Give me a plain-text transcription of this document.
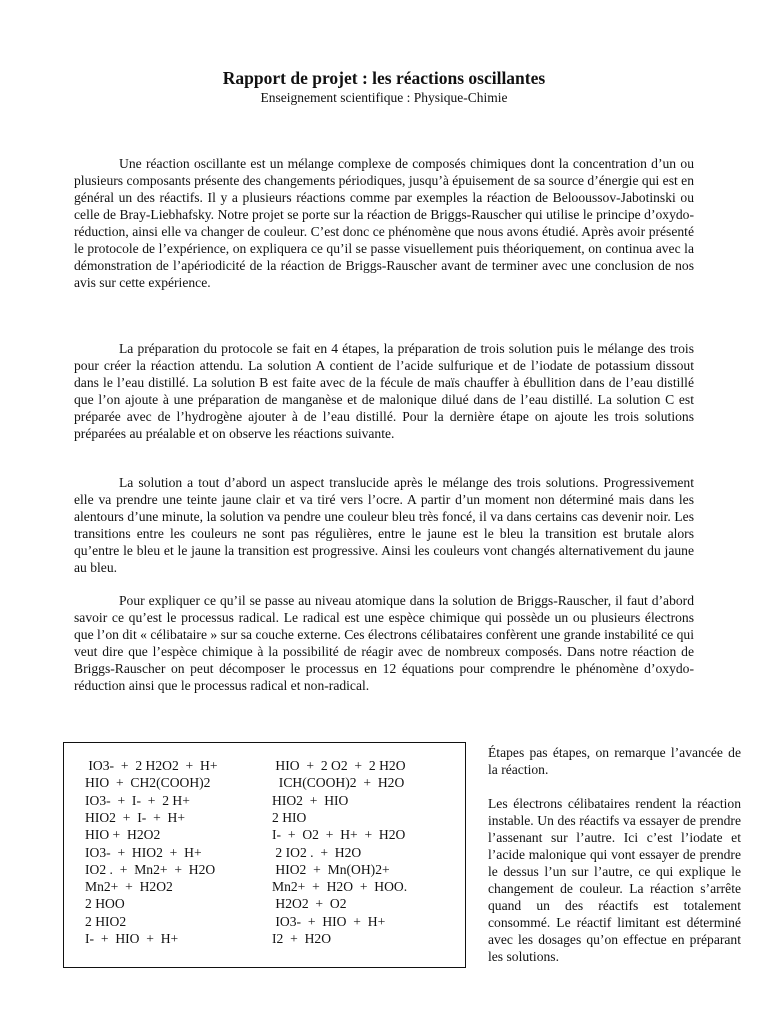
Rapport de projet : les réactions oscillantes
Enseignement scientifique : Physique-Chimie

Une réaction oscillante est un mélange complexe de composés chimiques dont la concentration d’un ou plusieurs composants présente des changements périodiques, jusqu’à épuisement de sa source d’énergie qui est en général un des réactifs. Il y a plusieurs réactions comme par exemples la réaction de Belooussov-Jabotinski ou celle de Bray-Liebhafsky. Notre projet se porte sur la réaction de Briggs-Rauscher qui utilise le principe d’oxydo-réduction, ainsi elle va changer de couleur. C’est donc ce phénomène que nous avons étudié. Après avoir présenté le protocole de l’expérience, on expliquera ce qu’il se passe visuellement puis théoriquement, on continua avec la démonstration de l’apériodicité de la réaction de Briggs-Rauscher avant de terminer avec une conclusion de nos avis sur cette expérience.

La préparation du protocole se fait en 4 étapes, la préparation de trois solution puis le mélange des trois pour créer la réaction attendu. La solution A contient de l’acide sulfurique et de l’iodate de potassium dissout dans le l’eau distillé. La solution B est faite avec de la fécule de maïs chauffer à ébullition dans de l’eau distillé que l’on ajoute à une préparation de manganèse et de malonique dilué dans de l’eau distillé. La solution C est préparée avec de l’hydrogène ajouter à de l’eau distillé. Pour la dernière étape on ajoute les trois solutions préparées au préalable et on observe les réactions suivante.

La solution a tout d’abord un aspect translucide après le mélange des trois solutions. Progressivement elle va prendre une teinte jaune clair et va tiré vers l’ocre. A partir d’un moment non déterminé mais dans les alentours d’une minute, la solution va pendre une couleur bleu très foncé, il va dans certains cas devenir noir. Les transitions entre les couleurs ne sont pas régulières, entre le jaune est le bleu la transition est brutale alors qu’entre le bleu et le jaune la transition est progressive. Ainsi les couleurs vont changés alternativement du jaune au bleu.

Pour expliquer ce qu’il se passe au niveau atomique dans la solution de Briggs-Rauscher, il faut d’abord savoir ce qu’est le processus radical. Le radical est une espèce chimique qui possède un ou plusieurs électrons que l’on dit « célibataire » sur sa couche externe. Ces électrons célibataires confèrent une grande instabilité ce qui veut dire que l’espèce chimique à la possibilité de réagir avec de nombreux composés. Dans notre réaction de Briggs-Rauscher on peut décomposer le processus en 12 équations pour comprendre le phénomène d’oxydo-réduction ainsi que le processus radical et non-radical.

IO3-  +  2 H2O2  +  H+	HIO  +  2 O2  +  2 H2O
HIO  +  CH2(COOH)2	ICH(COOH)2  +  H2O
IO3-  +  I-  +  2 H+	HIO2  +  HIO
HIO2  +  I-  +  H+	2 HIO
HIO +  H2O2	I-  +  O2  +  H+  +  H2O
IO3-  +  HIO2  +  H+	2 IO2 .  +  H2O
IO2 .  +  Mn2+  +  H2O	HIO2  +  Mn(OH)2+
Mn2+  +  H2O2	Mn2+  +  H2O  +  HOO.
2 HOO	H2O2  +  O2
2 HIO2	IO3-  +  HIO  +  H+
I-  +  HIO  +  H+	I2  +  H2O

Étapes pas étapes, on remarque l’avancée de la réaction.

Les électrons célibataires rendent la réaction instable. Un des réactifs va essayer de prendre l’assenant sur l’autre. Ici c’est l’iodate et l’acide malonique qui vont essayer de prendre le dessus l’un sur l’autre, ce qui explique le changement de couleur. La réaction s’arrête quand un des réactifs est totalement consommé. Le réactif limitant est déterminé avec les dosages qu’on effectue en préparant les solutions.
